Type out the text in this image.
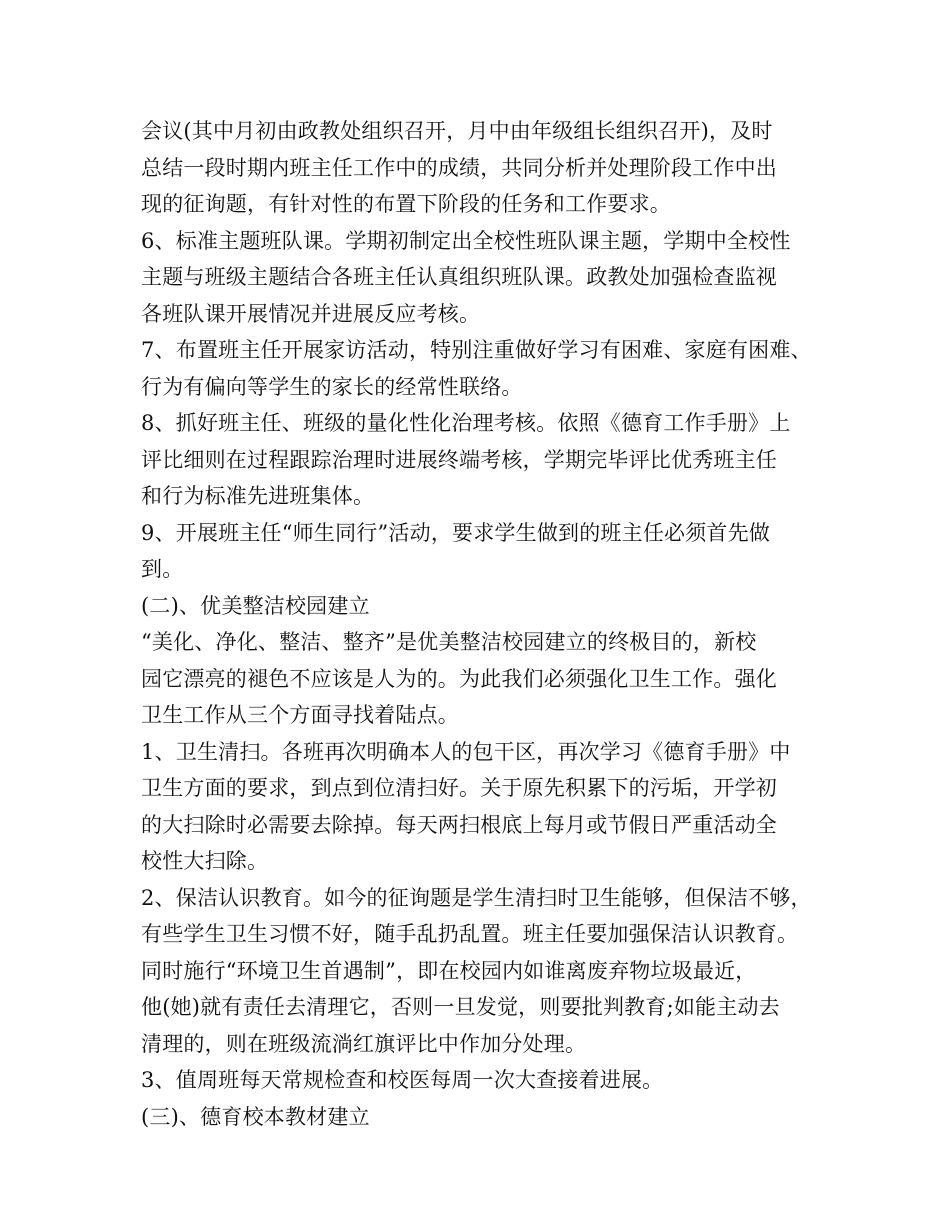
会议(其中月初由政教处组织召开，月中由年级组长组织召开)，及时
总结一段时期内班主任工作中的成绩，共同分析并处理阶段工作中出
现的征询题，有针对性的布置下阶段的任务和工作要求。
6、标准主题班队课。学期初制定出全校性班队课主题，学期中全校性
主题与班级主题结合各班主任认真组织班队课。政教处加强检查监视
各班队课开展情况并进展反应考核。
7、布置班主任开展家访活动，特别注重做好学习有困难、家庭有困难、
行为有偏向等学生的家长的经常性联络。
8、抓好班主任、班级的量化性化治理考核。依照《德育工作手册》上
评比细则在过程跟踪治理时进展终端考核，学期完毕评比优秀班主任
和行为标准先进班集体。
9、开展班主任“师生同行”活动，要求学生做到的班主任必须首先做
到。
(二)、优美整洁校园建立
“美化、净化、整洁、整齐”是优美整洁校园建立的终极目的，新校
园它漂亮的褪色不应该是人为的。为此我们必须强化卫生工作。强化
卫生工作从三个方面寻找着陆点。
1、卫生清扫。各班再次明确本人的包干区，再次学习《德育手册》中
卫生方面的要求，到点到位清扫好。关于原先积累下的污垢，开学初
的大扫除时必需要去除掉。每天两扫根底上每月或节假日严重活动全
校性大扫除。
2、保洁认识教育。如今的征询题是学生清扫时卫生能够，但保洁不够，
有些学生卫生习惯不好，随手乱扔乱置。班主任要加强保洁认识教育。
同时施行“环境卫生首遇制”，即在校园内如谁离废弃物垃圾最近，
他(她)就有责任去清理它，否则一旦发觉，则要批判教育;如能主动去
清理的，则在班级流淌红旗评比中作加分处理。
3、值周班每天常规检查和校医每周一次大查接着进展。
(三)、德育校本教材建立
